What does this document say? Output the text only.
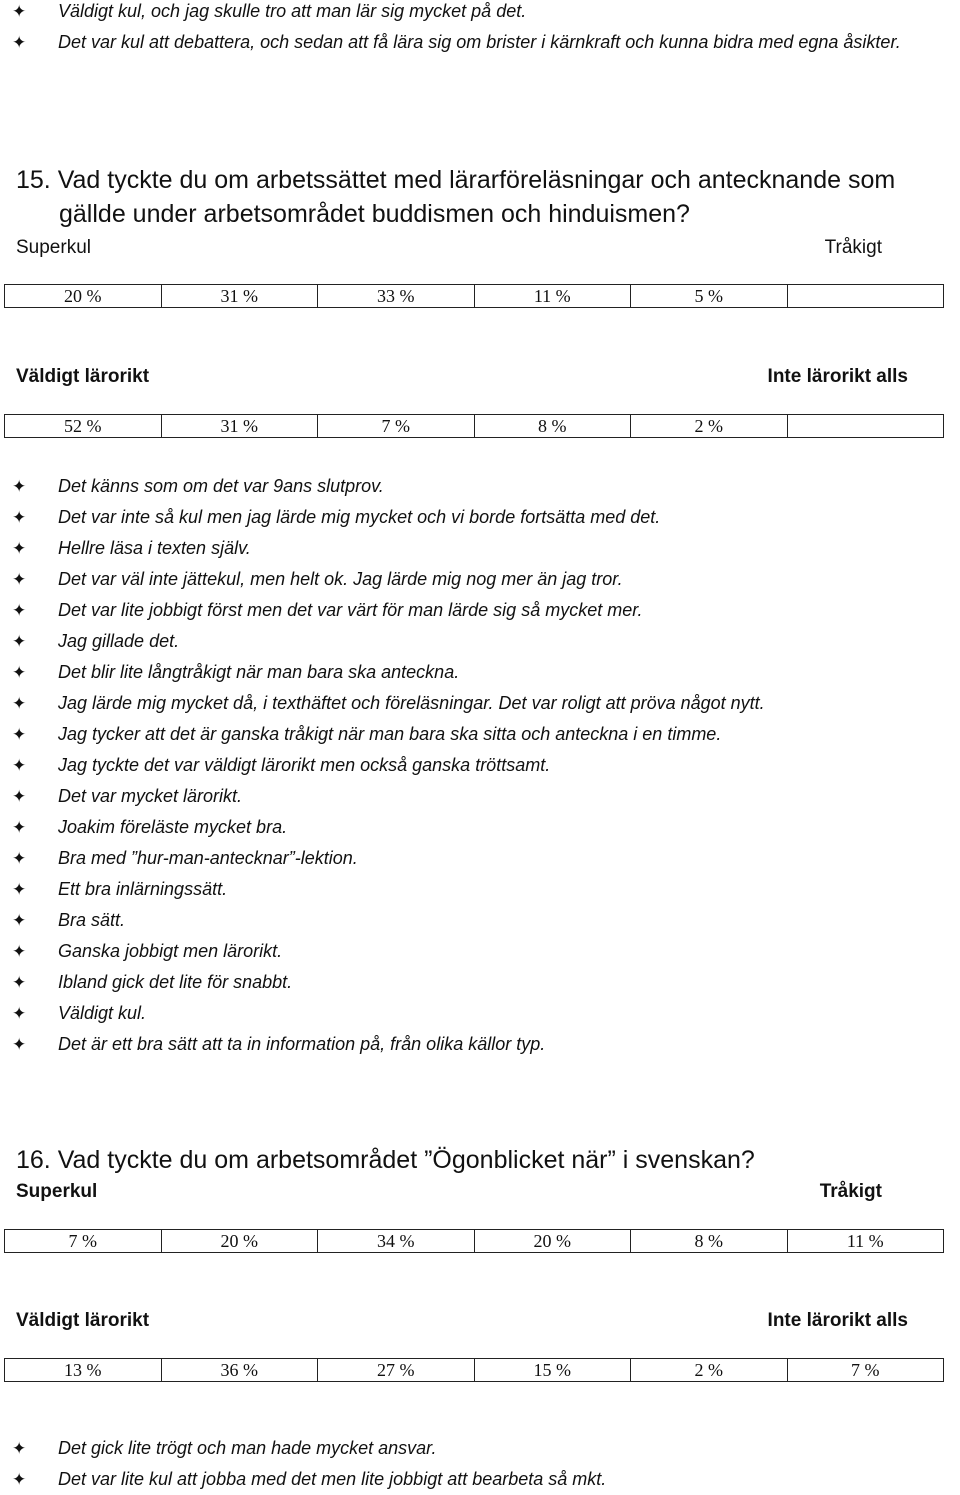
✦ Väldigt kul, och jag skulle tro att man lär sig mycket på det.
✦ Det var kul att debattera, och sedan att få lära sig om brister i kärnkraft och kunna bidra med egna åsikter.
15. Vad tyckte du om arbetssättet med lärarföreläsningar och antecknande som
gällde under arbetsområdet buddismen och hinduismen?
Superkul	Tråkigt
20 %	31 %	33 %	11 %	5 %	
Väldigt lärorikt	Inte lärorikt alls
52 %	31 %	7 %	8 %	2 %	
✦ Det känns som om det var 9ans slutprov.
✦ Det var inte så kul men jag lärde mig mycket och vi borde fortsätta med det.
✦ Hellre läsa i texten själv.
✦ Det var väl inte jättekul, men helt ok. Jag lärde mig nog mer än jag tror.
✦ Det var lite jobbigt först men det var värt för man lärde sig så mycket mer.
✦ Jag gillade det.
✦ Det blir lite långtråkigt när man bara ska anteckna.
✦ Jag lärde mig mycket då, i texthäftet och föreläsningar. Det var roligt att pröva något nytt.
✦ Jag tycker att det är ganska tråkigt när man bara ska sitta och anteckna i en timme.
✦ Jag tyckte det var väldigt lärorikt men också ganska tröttsamt.
✦ Det var mycket lärorikt.
✦ Joakim föreläste mycket bra.
✦ Bra med ”hur-man-antecknar”-lektion.
✦ Ett bra inlärningssätt.
✦ Bra sätt.
✦ Ganska jobbigt men lärorikt.
✦ Ibland gick det lite för snabbt.
✦ Väldigt kul.
✦ Det är ett bra sätt att ta in information på, från olika källor typ.
16. Vad tyckte du om arbetsområdet ”Ögonblicket när” i svenskan?
Superkul	Tråkigt
7 %	20 %	34 %	20 %	8 %	11 %
Väldigt lärorikt	Inte lärorikt alls
13 %	36 %	27 %	15 %	2 %	7 %
✦ Det gick lite trögt och man hade mycket ansvar.
✦ Det var lite kul att jobba med det men lite jobbigt att bearbeta så mkt.
